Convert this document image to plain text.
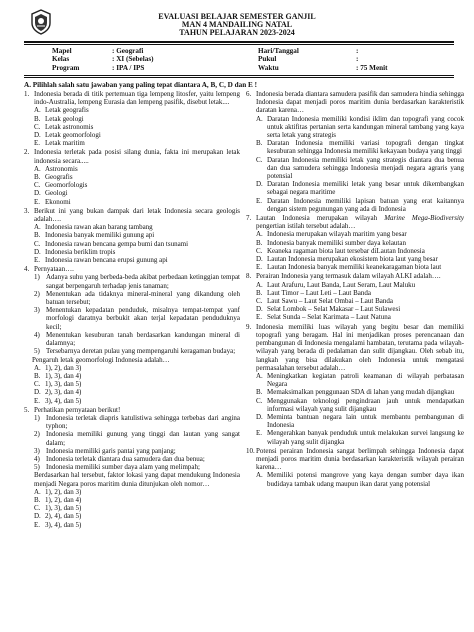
EVALUASI BELAJAR SEMESTER GANJIL
MAN 4 MANDAILING NATAL
TAHUN PELAJARAN 2023-2024
Mapel	: Geografi
Kelas	: XI (Sebelas)
Program	: IPA / IPS
Hari/Tanggal	:
Pukul	:
Waktu	: 75 Menit
A. Pilihlah salah satu jawaban yang paling tepat diantara A, B, C, D dan E !
1. Indonesia berada di titik pertemuan tiga lempeng litosfer, yaitu lempeng indo-Australia, lempeng Eurasia dan lempeng pasifik, disebut letak....
A. Letak geografis
B. Letak geologi
C. Letak astronomis
D. Letak geomorfologi
E. Letak maritim
2. Indonesia terletak pada posisi silang dunia, fakta ini merupakan letak indonesia secara.....
A. Astronomis
B. Geografis
C. Geomorfologis
D. Geologi
E. Ekonomi
3. Berikut ini yang bukan dampak dari letak Indonesia secara geologis adalah….
A. Indonesia rawan akan barang tambang
B. Indonesia banyak memiliki gunung api
C. Indonesia rawan bencana gempa bumi dan tsunami
D. Indonesia beriklim tropis
E. Indonesia rawan bencana erupsi gunung api
4. Pernyataan….
1) Adanya suhu yang berbeda-beda akibat perbedaan ketinggian tempat sangat berpengaruh terhadap jenis tanaman;
2) Menentukan ada tidaknya mineral-mineral yang dikandung oleh batuan tersebut;
3) Menentukan kepadatan penduduk, misalnya tempat-tempat yanf morfologi daratnya berbukit akan terjal kepadatan penduduknya kecil;
4) Menentukan kesuburan tanah berdasarkan kandungan mineral di dalamnya;
5) Tersebarnya deretan pulau yang mempengaruhi keragaman budaya;
Pengaruh letak geomorfologi Indonesia adalah…
A. 1), 2), dan 3)
B. 1), 3), dan 4)
C. 1), 3), dan 5)
D. 2), 3), dan 4)
E. 3), 4), dan 5)
5. Perhatikan pernyataan berikut!
1) Indonesia terletak diapris katulistiwa sehingga terbebas dari angina typhon;
2) Indonesia memiliki gunung yang tinggi dan lautan yang sangat dalam;
3) Indonesia memiliki garis pantai yang panjang;
4) Indonesia terletak diantara dua samudera dan dua benua;
5) Indonesia memiliki sumber daya alam yang melimpah;
Berdasarkan hal tersebut, faktor lokasi yang dapat mendukung Indonesia menjadi Negara poros maritim dunia ditunjukan oleh nomor…
A. 1), 2), dan 3)
B. 1), 2), dan 4)
C. 1), 3), dan 5)
D. 2), 4), dan 5)
E. 3), 4), dan 5)
6. Indonesia berada diantara samudera pasifik dan samudera hindia sehingga Indonesia dapat menjadi poros maritim dunia berdasarkan karakteristik daratan karena…
A. Daratan Indonesia memiliki kondisi iklim dan topografi yang cocok untuk aktifitas pertanian serta kandungan mineral tambang yang kaya serta letak yang strategis
B. Daratan Indonesia memiliki variasi topografi dengan tingkat kesuburan sehingga Indonesia memiliki kekayaan budaya yang tinggi
C. Daratan Indonesia memiliki letak yang strategis diantara dua benua dan dua samudera sehingga Indonesia menjadi negara agraris yang potensial
D. Daratan Indonesia memiliki letak yang besar untuk dikembangkan sebagai negara maritime
E. Daratan Indonesia memiliki lapisan batuan yang erat kaitannya dengan sistem pegunungan yang ada di Indonesia
7. Lautan Indonesia merupakan wilayah Marine Mega-Biodiversity pengertian istilah tersebut adalah…
A. Indonesia merupakan wilayah maritim yang besar
B. Indonesia banyak memiliki sumber daya kelautan
C. Keaneka ragaman biota laut tersebar diLautan Indonesia
D. Lautan Indonesia merupakan ekosistem biota laut yang besar
E. Lautan Indonesia banyak memiliki keanekaragaman biota laut
8. Perairan Indonesia yang termasuk dalam wilayah ALKI adalah….
A. Laut Arafuru, Laut Banda, Laut Seram, Laut Maluku
B. Laut Timor – Laut Leti – Laut Banda
C. Laut Sawu – Laut Selat Ombai – Laut Banda
D. Selat Lombok – Selat Makasar – Laut Sulawesi
E. Selat Sunda – Selat Karimata – Laut Natuna
9. Indonesia memiliki luas wilayah yang begitu besar dan memiliki topografi yang beragam. Hal ini menjadikan proses perencanaan dan pembangunan di Indonesia mengalami hambatan, terutama pada wilayah-wilayah yang berada di pedalaman dan sulit dijangkau. Oleh sebab itu, langkah yang bisa dilakukan oleh Indonesia untuk mengatasi permasalahan tersebut adalah…
A. Meningkatkan kegiatan patroli keamanan di wilayah perbatasan Negara
B. Memaksimalkan penggunaan SDA di lahan yang mudah dijangkau
C. Menggunakan teknologi pengindraan jauh untuk mendapatkan informasi wilayah yang sulit dijangkau
D. Meminta bantuan negara lain untuk membantu pembangunan di Indonesia
E. Mengerahkan banyak penduduk untuk melakukan survei langsung ke wilayah yang sulit dijangka
10. Potensi perairan Indonesia sangat berlimpah sehingga Indonesia dapat menjadi poros maritim dunia berdasarkan karakteristik wilayah perairan karena…
A. Memiliki potensi mangrove yang kaya dengan sumber daya ikan budidaya tambak udang maupun ikan darat yang potensial
